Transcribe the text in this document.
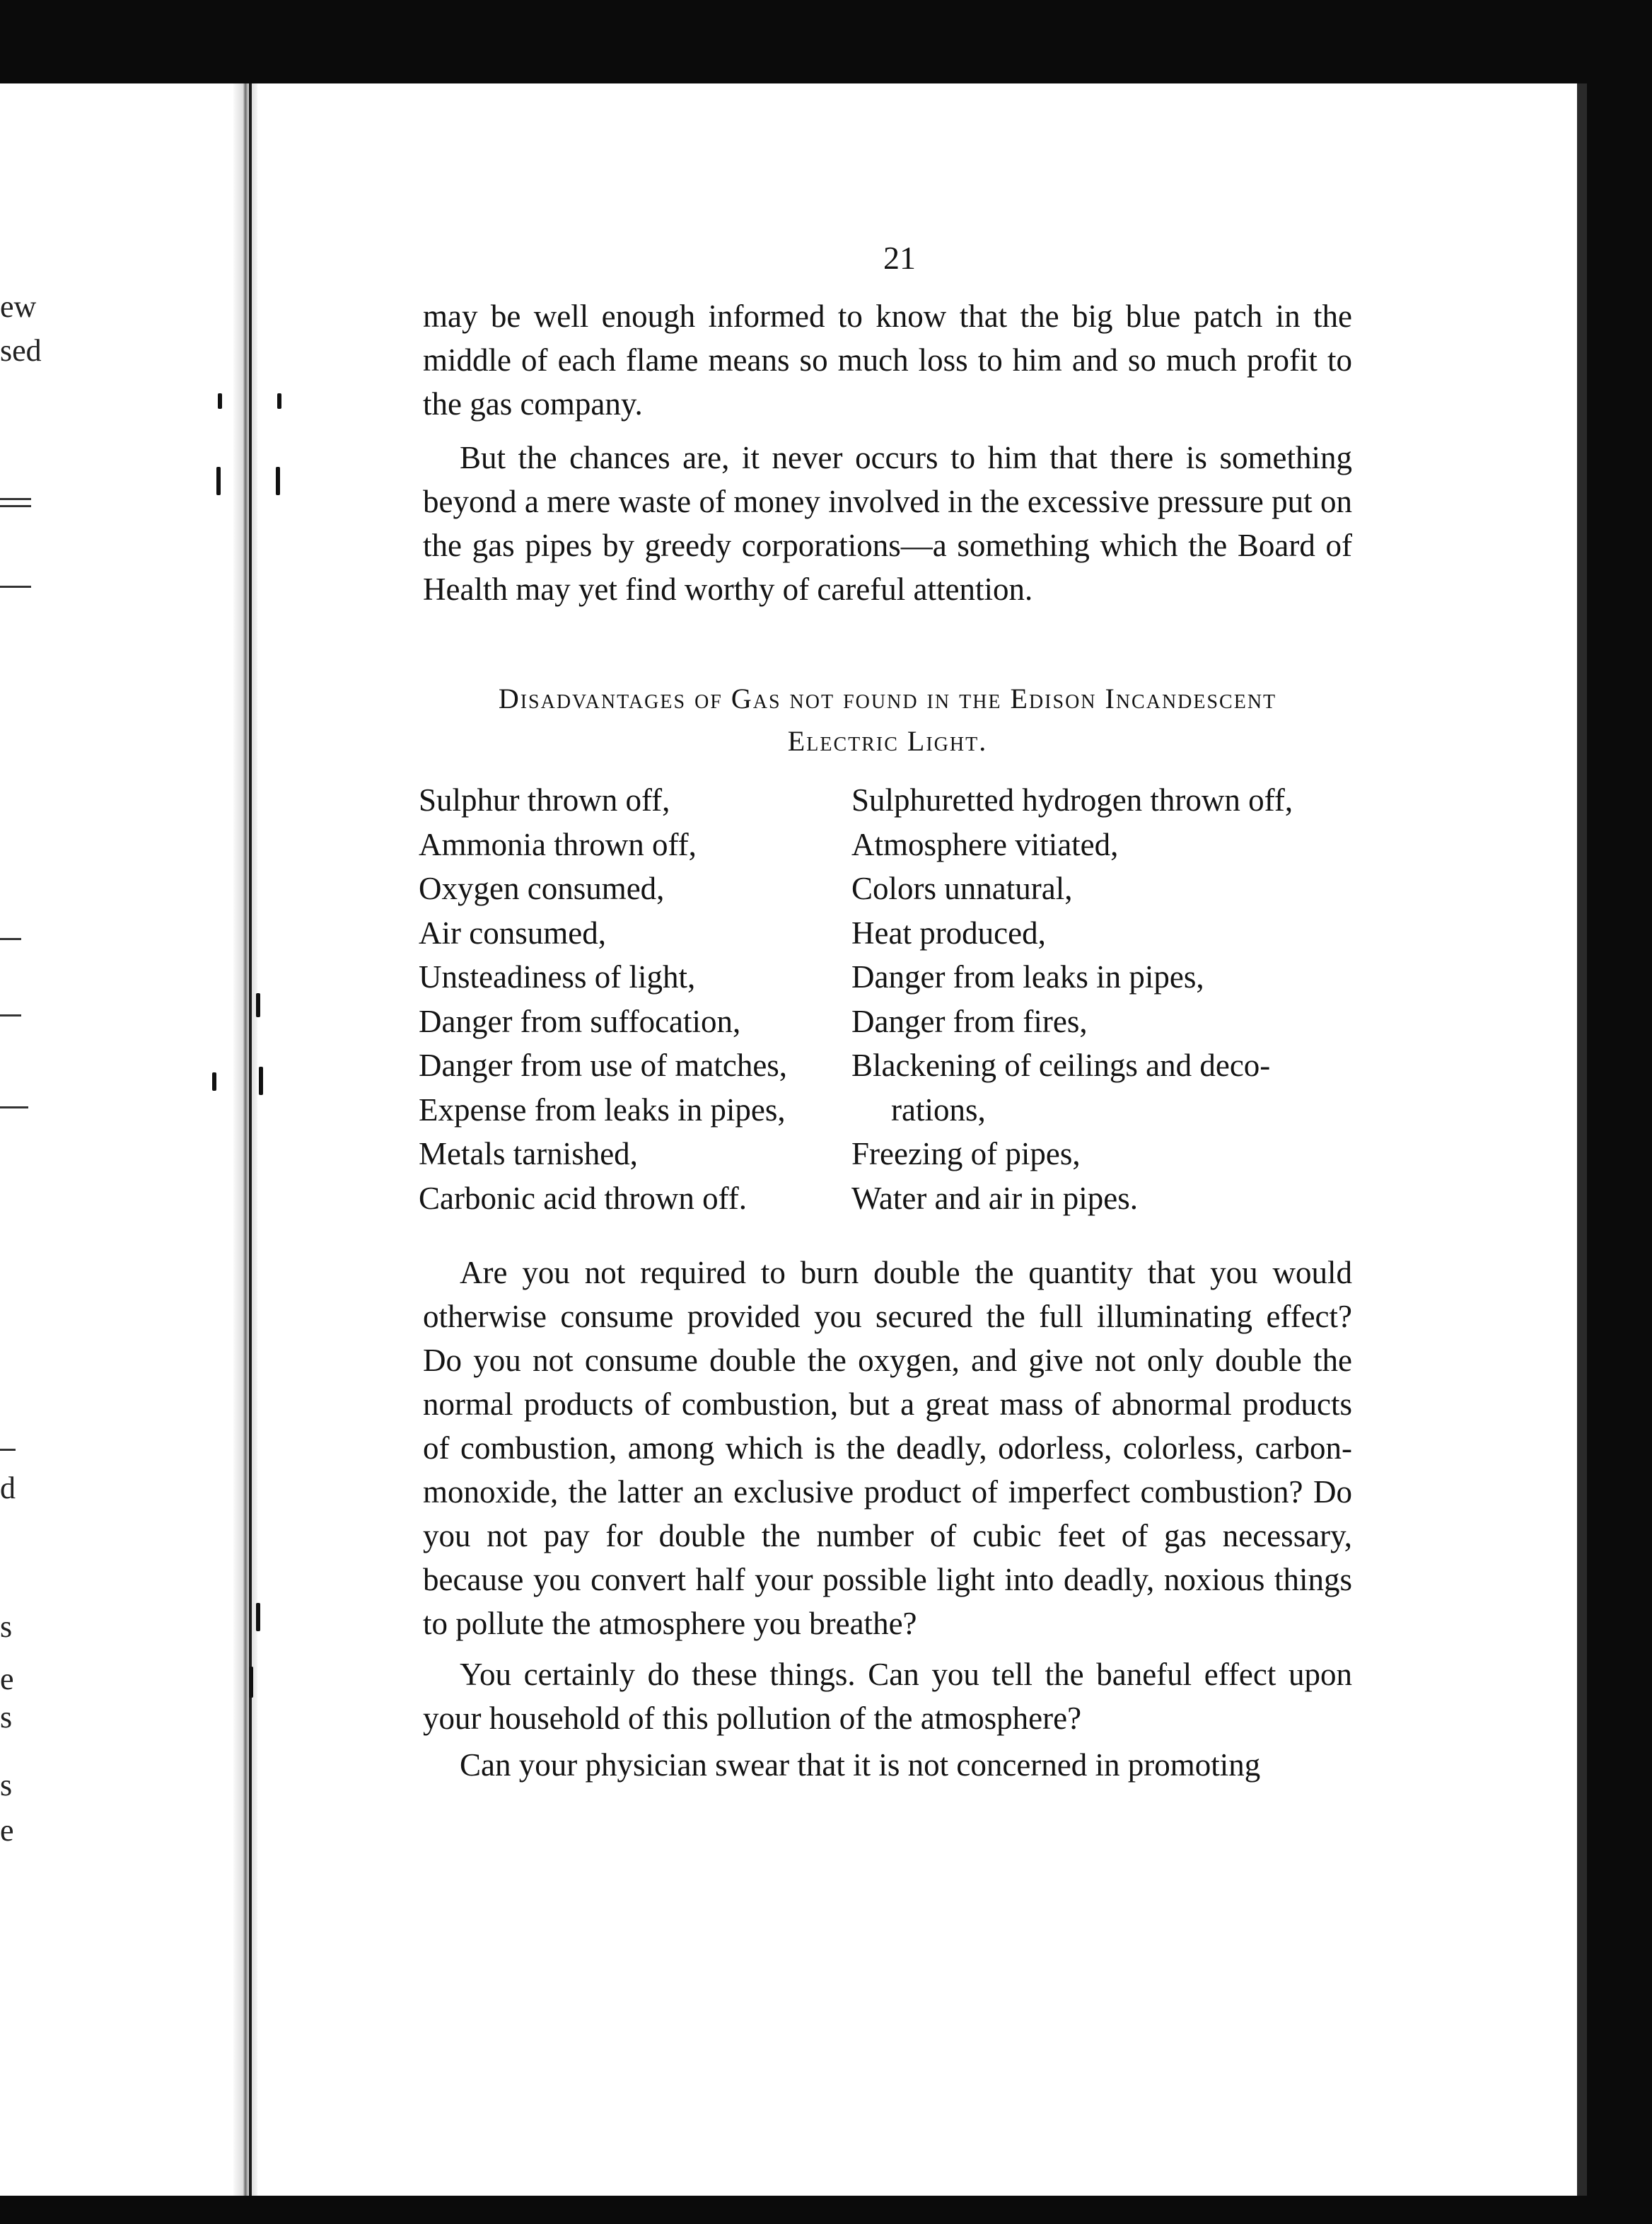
ew
sed
d
s
e
s
s
e
21

may be well enough informed to know that the big blue patch in the middle of each flame means so much loss to him and so much profit to the gas company.

But the chances are, it never occurs to him that there is something beyond a mere waste of money involved in the excessive pressure put on the gas pipes by greedy corporations—a something which the Board of Health may yet find worthy of careful attention.

Disadvantages of Gas not found in the Edison Incandescent
Electric Light.
Sulphur thrown off,
Ammonia thrown off,
Oxygen consumed,
Air consumed,
Unsteadiness of light,
Danger from suffocation,
Danger from use of matches,
Expense from leaks in pipes,
Metals tarnished,
Carbonic acid thrown off.
Sulphuretted hydrogen thrown off,
Atmosphere vitiated,
Colors unnatural,
Heat produced,
Danger from leaks in pipes,
Danger from fires,
Blackening of ceilings and deco-
rations,
Freezing of pipes,
Water and air in pipes.

Are you not required to burn double the quantity that you would otherwise consume provided you secured the full illuminating effect? Do you not consume double the oxygen, and give not only double the normal products of combustion, but a great mass of abnormal products of combustion, among which is the deadly, odorless, colorless, carbon-monoxide, the latter an exclusive product of imperfect combustion? Do you not pay for double the number of cubic feet of gas necessary, because you convert half your possible light into deadly, noxious things to pollute the atmosphere you breathe?

You certainly do these things. Can you tell the baneful effect upon your household of this pollution of the atmosphere?

Can your physician swear that it is not concerned in promoting
